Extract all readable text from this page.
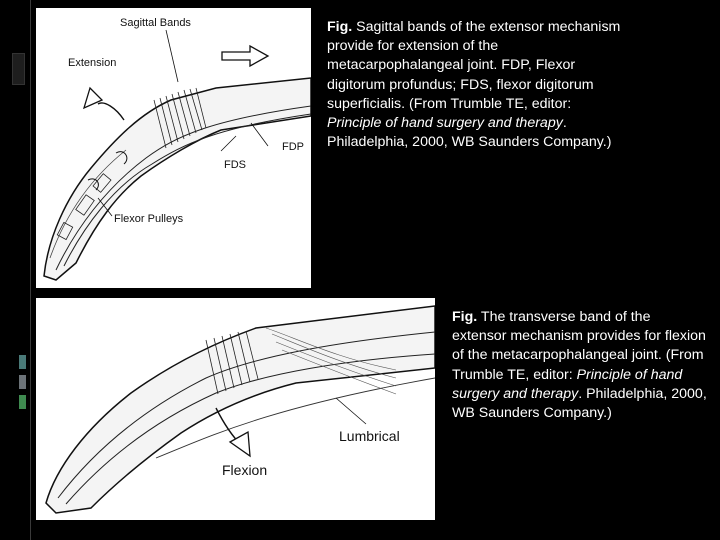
Sagittal Bands
Extension
FDP
FDS
Flexor Pulleys
Fig. Sagittal bands of the extensor mechanism provide for extension of the metacarpophalangeal joint. FDP, Flexor digitorum profundus; FDS, flexor digitorum superficialis. (From Trumble TE, editor: Principle of hand surgery and therapy. Philadelphia, 2000, WB Saunders Company.)
Lumbrical
Flexion
Fig. The transverse band of the extensor mechanism provides for flexion of the metacarpophalangeal joint. (From Trumble TE, editor: Principle of hand surgery and therapy. Philadelphia, 2000, WB Saunders Company.)
